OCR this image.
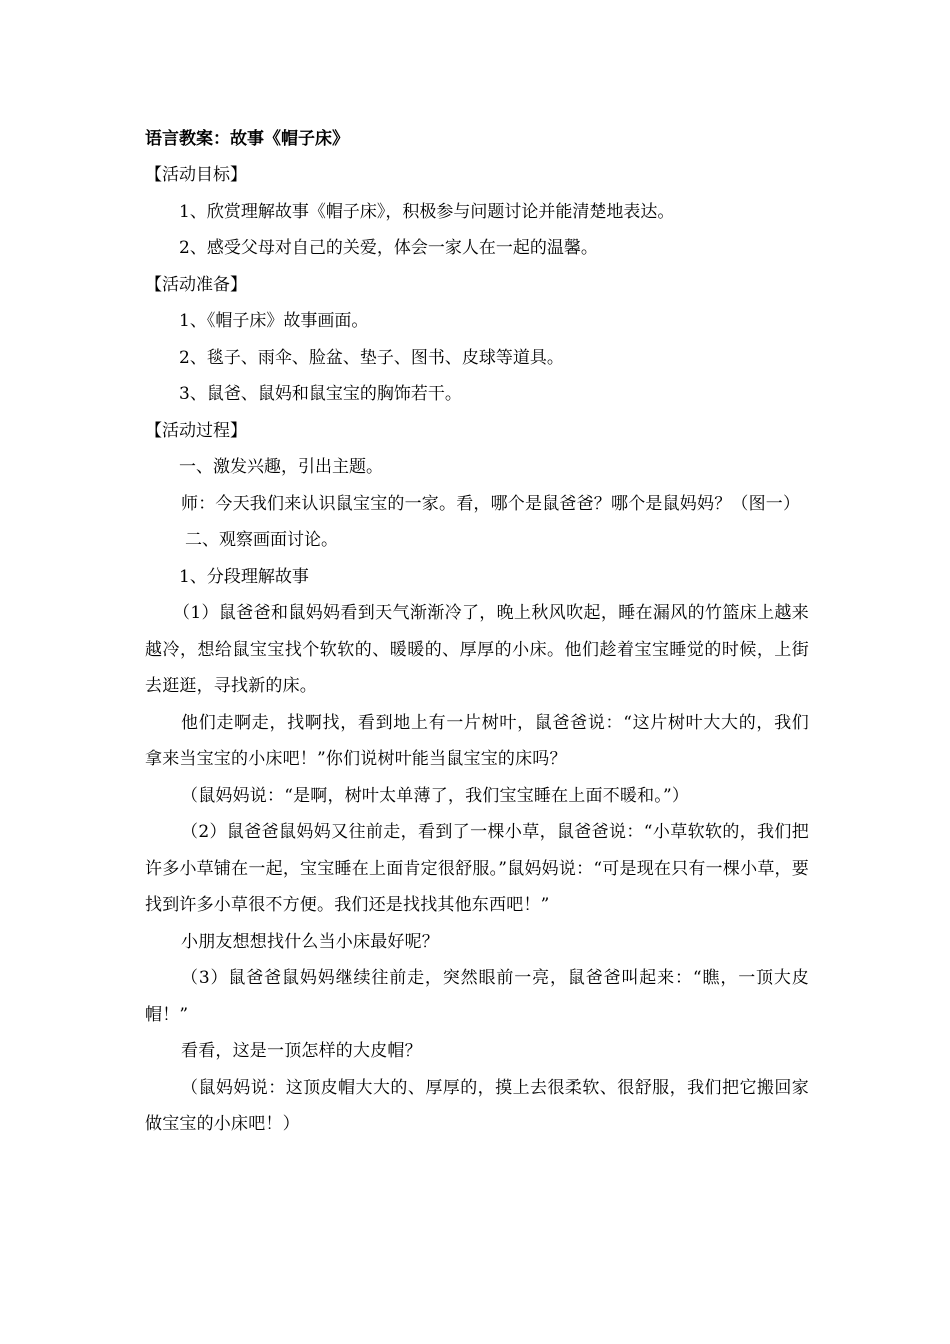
语言教案：故事《帽子床》

【活动目标】

1、欣赏理解故事《帽子床》，积极参与问题讨论并能清楚地表达。

2、感受父母对自己的关爱，体会一家人在一起的温馨。

【活动准备】

1、《帽子床》故事画面。

2、毯子、雨伞、脸盆、垫子、图书、皮球等道具。

3、鼠爸、鼠妈和鼠宝宝的胸饰若干。

【活动过程】

一、激发兴趣，引出主题。

师：今天我们来认识鼠宝宝的一家。看，哪个是鼠爸爸？哪个是鼠妈妈？（图一）

二、观察画面讨论。

1、分段理解故事

（1）鼠爸爸和鼠妈妈看到天气渐渐冷了，晚上秋风吹起，睡在漏风的竹篮床上越来越冷，想给鼠宝宝找个软软的、暖暖的、厚厚的小床。他们趁着宝宝睡觉的时候，上街去逛逛，寻找新的床。

他们走啊走，找啊找，看到地上有一片树叶，鼠爸爸说：“这片树叶大大的，我们拿来当宝宝的小床吧！”你们说树叶能当鼠宝宝的床吗？

（鼠妈妈说：“是啊，树叶太单薄了，我们宝宝睡在上面不暖和。”）

（2）鼠爸爸鼠妈妈又往前走，看到了一棵小草，鼠爸爸说：“小草软软的，我们把许多小草铺在一起，宝宝睡在上面肯定很舒服。”鼠妈妈说：“可是现在只有一棵小草，要找到许多小草很不方便。我们还是找找其他东西吧！”

小朋友想想找什么当小床最好呢？

（3）鼠爸爸鼠妈妈继续往前走，突然眼前一亮，鼠爸爸叫起来：“瞧，一顶大皮帽！”

看看，这是一顶怎样的大皮帽？

（鼠妈妈说：这顶皮帽大大的、厚厚的，摸上去很柔软、很舒服，我们把它搬回家做宝宝的小床吧！）
